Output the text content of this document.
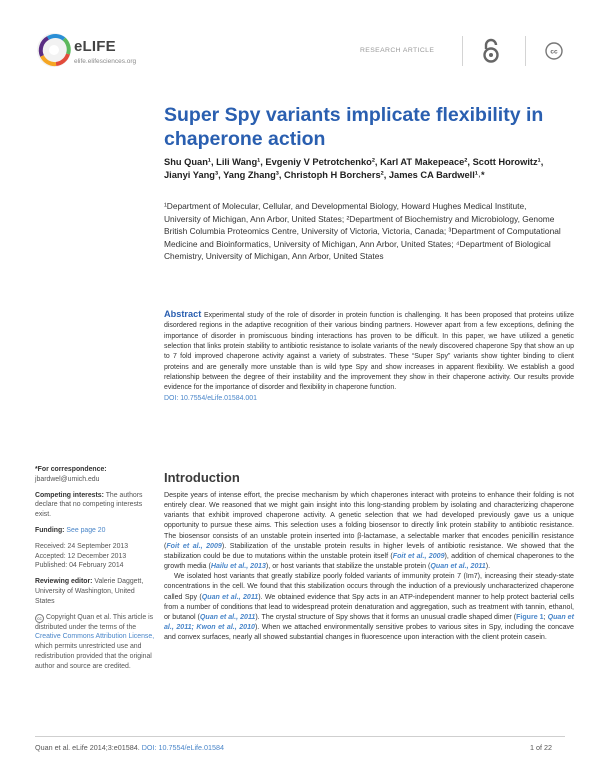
eLIFE
elife.elifesciences.org
RESEARCH ARTICLE	cc
Super Spy variants implicate flexibility in chaperone action
Shu Quan¹, Lili Wang¹, Evgeniy V Petrotchenko², Karl AT Makepeace², Scott Horowitz¹, Jianyi Yang³, Yang Zhang³, Christoph H Borchers², James CA Bardwell¹˒*
¹Department of Molecular, Cellular, and Developmental Biology, Howard Hughes Medical Institute, University of Michigan, Ann Arbor, United States; ²Department of Biochemistry and Microbiology, Genome British Columbia Proteomics Centre, University of Victoria, Victoria, Canada; ³Department of Computational Medicine and Bioinformatics, University of Michigan, Ann Arbor, United States; ⁴Department of Biological Chemistry, University of Michigan, Ann Arbor, United States
Abstract Experimental study of the role of disorder in protein function is challenging. It has been proposed that proteins utilize disordered regions in the adaptive recognition of their various binding partners. However apart from a few exceptions, defining the importance of disorder in promiscuous binding interactions has proven to be difficult. In this paper, we have utilized a genetic selection that links protein stability to antibiotic resistance to isolate variants of the newly discovered chaperone Spy that show an up to 7 fold improved chaperone activity against a variety of substrates. These “Super Spy” variants show tighter binding to client proteins and are generally more unstable than is wild type Spy and show increases in apparent flexibility. We establish a good relationship between the degree of their instability and the improvement they show in their chaperone activity. Our results provide evidence for the importance of disorder and flexibility in chaperone function.
DOI: 10.7554/eLife.01584.001
*For correspondence:
jbardwel@umich.edu
Competing interests: The authors declare that no competing interests exist.
Funding: See page 20
Received: 24 September 2013
Accepted: 12 December 2013
Published: 04 February 2014
Reviewing editor: Valerie Daggett, University of Washington, United States
cc Copyright Quan et al. This article is distributed under the terms of the Creative Commons Attribution License, which permits unrestricted use and redistribution provided that the original author and source are credited.
Introduction

Despite years of intense effort, the precise mechanism by which chaperones interact with proteins to enhance their folding is not entirely clear. We reasoned that we might gain insight into this long-standing problem by isolating and characterizing chaperone variants that exhibit improved chaperone activity. A genetic selection that we had developed previously gave us a unique opportunity to pursue these aims. This selection uses a folding biosensor to directly link protein stability to antibiotic resistance. The biosensor consists of an unstable protein inserted into β-lactamase, a selectable marker that encodes penicillin resistance (Foit et al., 2009). Stabilization of the unstable protein results in higher levels of antibiotic resistance. We showed that the stabilization could be due to mutations within the unstable protein itself (Foit et al., 2009), addition of chemical chaperones to the growth media (Hailu et al., 2013), or host variants that stabilize the unstable protein (Quan et al., 2011).

We isolated host variants that greatly stabilize poorly folded variants of immunity protein 7 (Im7), increasing their steady-state concentrations in the cell. We found that this stabilization occurs through the induction of a previously uncharacterized chaperone called Spy (Quan et al., 2011). We obtained evidence that Spy acts in an ATP-independent manner to help protect bacterial cells from a number of conditions that lead to widespread protein denaturation and aggregation, such as treatment with tannin, ethanol, or butanol (Quan et al., 2011). The crystal structure of Spy shows that it forms an unusual cradle shaped dimer (Figure 1; Quan et al., 2011; Kwon et al., 2010). When we attached environmentally sensitive probes to various sites in Spy, including the concave and convex surfaces, nearly all showed substantial changes in fluorescence upon interaction with the client protein casein.

Quan et al. eLife 2014;3:e01584. DOI: 10.7554/eLife.01584	1 of 22
